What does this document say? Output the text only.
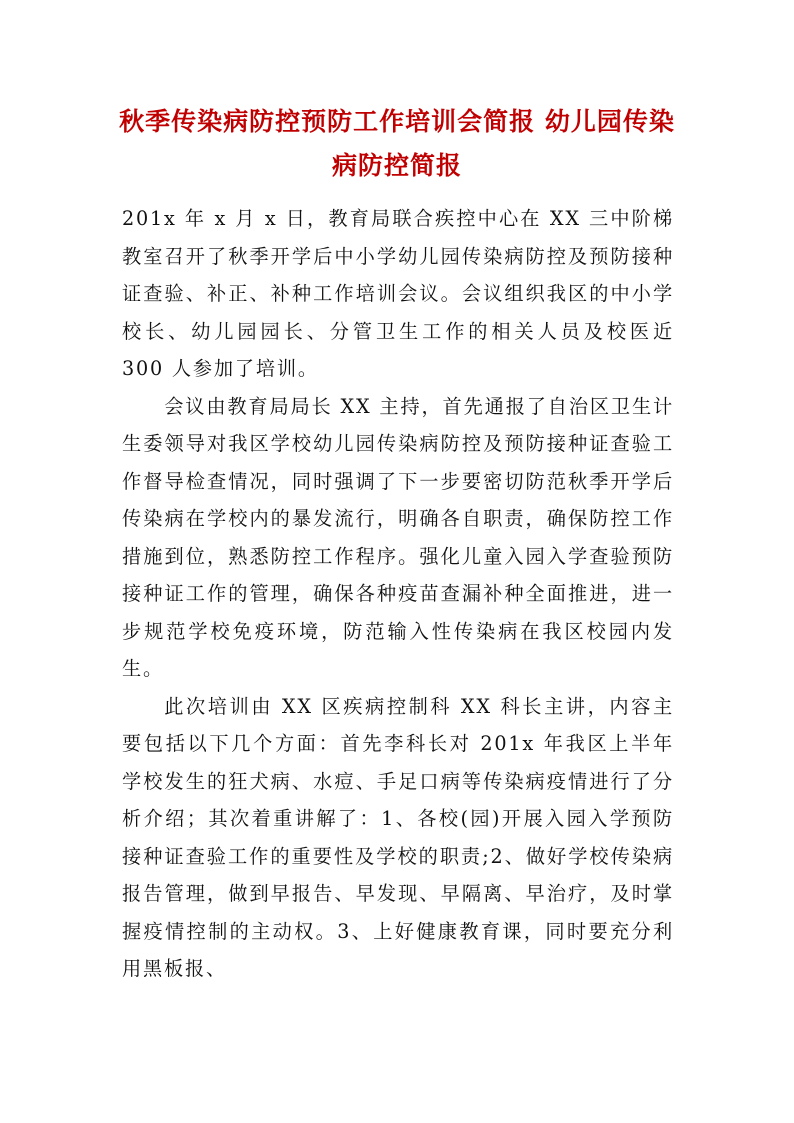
秋季传染病防控预防工作培训会简报 幼儿园传染病防控简报

201x 年 x 月 x 日，教育局联合疾控中心在 XX 三中阶梯教室召开了秋季开学后中小学幼儿园传染病防控及预防接种证查验、补正、补种工作培训会议。会议组织我区的中小学校长、幼儿园园长、分管卫生工作的相关人员及校医近 300 人参加了培训。

会议由教育局局长 XX 主持，首先通报了自治区卫生计生委领导对我区学校幼儿园传染病防控及预防接种证查验工作督导检查情况，同时强调了下一步要密切防范秋季开学后传染病在学校内的暴发流行，明确各自职责，确保防控工作措施到位，熟悉防控工作程序。强化儿童入园入学查验预防接种证工作的管理，确保各种疫苗查漏补种全面推进，进一步规范学校免疫环境，防范输入性传染病在我区校园内发生。

此次培训由 XX 区疾病控制科 XX 科长主讲，内容主要包括以下几个方面：首先李科长对 201x 年我区上半年学校发生的狂犬病、水痘、手足口病等传染病疫情进行了分析介绍；其次着重讲解了：1、各校(园)开展入园入学预防接种证查验工作的重要性及学校的职责;2、做好学校传染病报告管理，做到早报告、早发现、早隔离、早治疗，及时掌握疫情控制的主动权。3、上好健康教育课，同时要充分利用黑板报、
